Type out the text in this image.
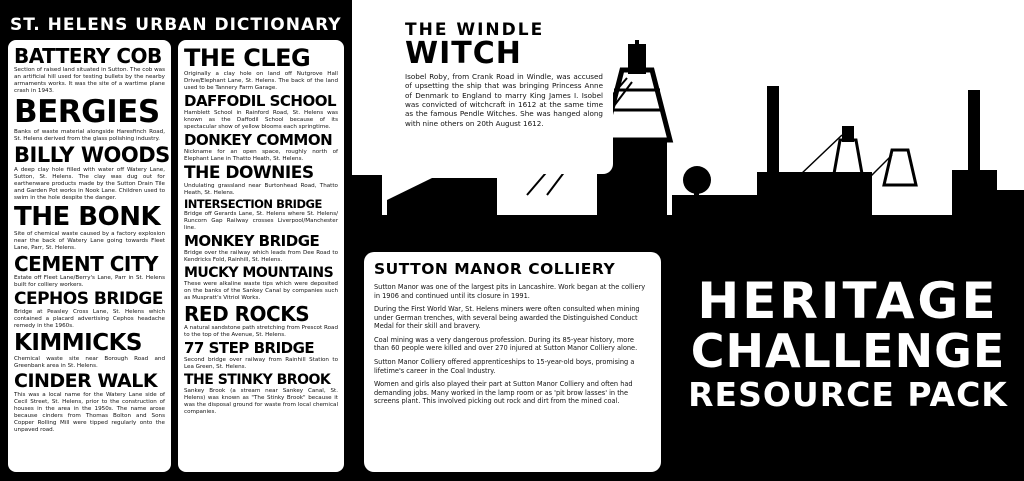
ST. HELENS URBAN DICTIONARY
BATTERY COB
Section of raised land situated in Sutton. The cob was an artificial hill used for testing bullets by the nearby armaments works. It was the site of a wartime plane crash in 1943.
BERGIES
Banks of waste material alongside Haresfinch Road, St. Helens derived from the glass polishing industry.
BILLY WOODS
A deep clay hole filled with water off Watery Lane, Sutton, St. Helens. The clay was dug out for earthenware products made by the Sutton Drain Tile and Garden Pot works in Nook Lane. Children used to swim in the hole despite the danger.
THE BONK
Site of chemical waste caused by a factory explosion near the back of Watery Lane going towards Fleet Lane, Parr, St. Helens.
CEMENT CITY
Estate off Fleet Lane/Berry's Lane, Parr in St. Helens built for colliery workers.
CEPHOS BRIDGE
Bridge at Peasley Cross Lane, St. Helens which contained a placard advertising Cephos headache remedy in the 1960s.
KIMMICKS
Chemical waste site near Borough Road and Greenbank area in St. Helens.
CINDER WALK
This was a local name for the Watery Lane side of Cecil Street, St. Helens, prior to the construction of houses in the area in the 1950s. The name arose because cinders from Thomas Bolton and Sons Copper Rolling Mill were tipped regularly onto the unpaved road.
THE CLEG
Originally a clay hole on land off Nutgrove Hall Drive/Elephant Lane, St. Helens. The back of the land used to be Tannery Farm Garage.
DAFFODIL SCHOOL
Hamblett School in Rainford Road, St. Helens was known as the Daffodil School because of its spectacular show of yellow blooms each springtime.
DONKEY COMMON
Nickname for an open space, roughly north of Elephant Lane in Thatto Heath, St. Helens.
THE DOWNIES
Undulating grassland near Burtonhead Road, Thatto Heath, St. Helens.
INTERSECTION BRIDGE
Bridge off Gerards Lane, St. Helens where St. Helens/ Runcorn Gap Railway crosses Liverpool/Manchester line.
MONKEY BRIDGE
Bridge over the railway which leads from Dee Road to Kendricks Fold, Rainhill, St. Helens.
MUCKY MOUNTAINS
These were alkaline waste tips which were deposited on the banks of the Sankey Canal by companies such as Muspratt's Vitriol Works.
RED ROCKS
A natural sandstone path stretching from Prescot Road to the top of the Avenue, St. Helens.
77 STEP BRIDGE
Second bridge over railway from Rainhill Station to Lea Green, St. Helens.
THE STINKY BROOK
Sankey Brook (a stream near Sankey Canal, St. Helens) was known as "The Stinky Brook" because it was the disposal ground for waste from local chemical companies.
THE WINDLE
WITCH
Isobel Roby, from Crank Road in Windle, was accused of upsetting the ship that was bringing Princess Anne of Denmark to England to marry King James I. Isobel was convicted of witchcraft in 1612 at the same time as the famous Pendle Witches. She was hanged along with nine others on 20th August 1612.
SUTTON MANOR COLLIERY

Sutton Manor was one of the largest pits in Lancashire. Work began at the colliery in 1906 and continued until its closure in 1991.

During the First World War, St. Helens miners were often consulted when mining under German trenches, with several being awarded the Distinguished Conduct Medal for their skill and bravery.

Coal mining was a very dangerous profession. During its 85-year history, more than 60 people were killed and over 270 injured at Sutton Manor Colliery alone.

Sutton Manor Colliery offered apprenticeships to 15-year-old boys, promising a lifetime's career in the Coal Industry.

Women and girls also played their part at Sutton Manor Colliery and often had demanding jobs. Many worked in the lamp room or as 'pit brow lasses' in the screens plant. This involved picking out rock and dirt from the mined coal.

HERITAGE
CHALLENGE
RESOURCE PACK
